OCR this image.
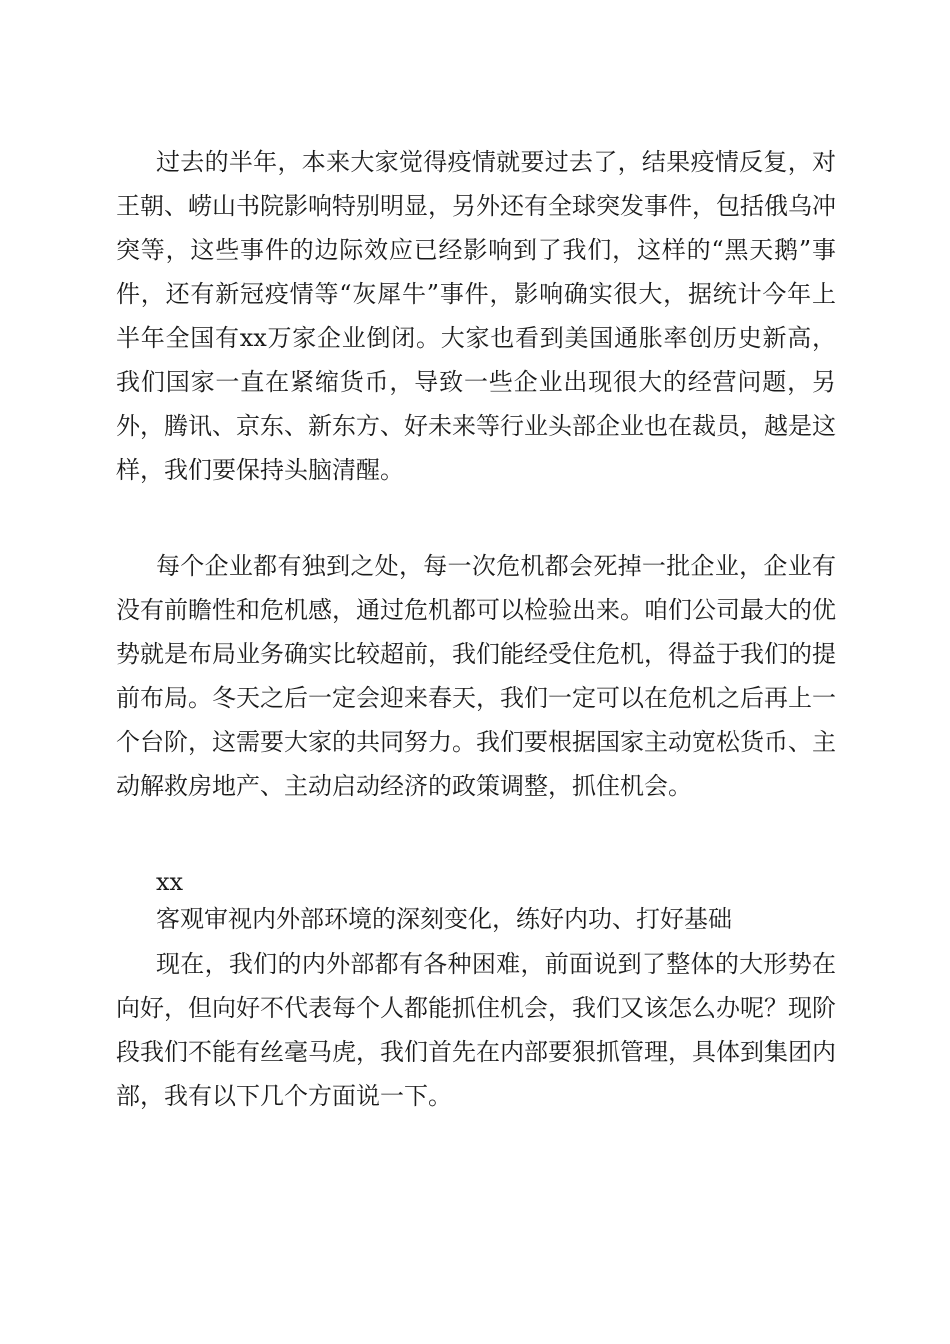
过去的半年，本来大家觉得疫情就要过去了，结果疫情反复，对王朝、崂山书院影响特别明显，另外还有全球突发事件，包括俄乌冲突等，这些事件的边际效应已经影响到了我们，这样的“黑天鹅”事件，还有新冠疫情等“灰犀牛”事件，影响确实很大，据统计今年上半年全国有xx万家企业倒闭。大家也看到美国通胀率创历史新高，我们国家一直在紧缩货币，导致一些企业出现很大的经营问题，另外，腾讯、京东、新东方、好未来等行业头部企业也在裁员，越是这样，我们要保持头脑清醒。

每个企业都有独到之处，每一次危机都会死掉一批企业，企业有没有前瞻性和危机感，通过危机都可以检验出来。咱们公司最大的优势就是布局业务确实比较超前，我们能经受住危机，得益于我们的提前布局。冬天之后一定会迎来春天，我们一定可以在危机之后再上一个台阶，这需要大家的共同努力。我们要根据国家主动宽松货币、主动解救房地产、主动启动经济的政策调整，抓住机会。

xx

客观审视内外部环境的深刻变化，练好内功、打好基础

现在，我们的内外部都有各种困难，前面说到了整体的大形势在向好，但向好不代表每个人都能抓住机会，我们又该怎么办呢？现阶段我们不能有丝毫马虎，我们首先在内部要狠抓管理，具体到集团内部，我有以下几个方面说一下。
